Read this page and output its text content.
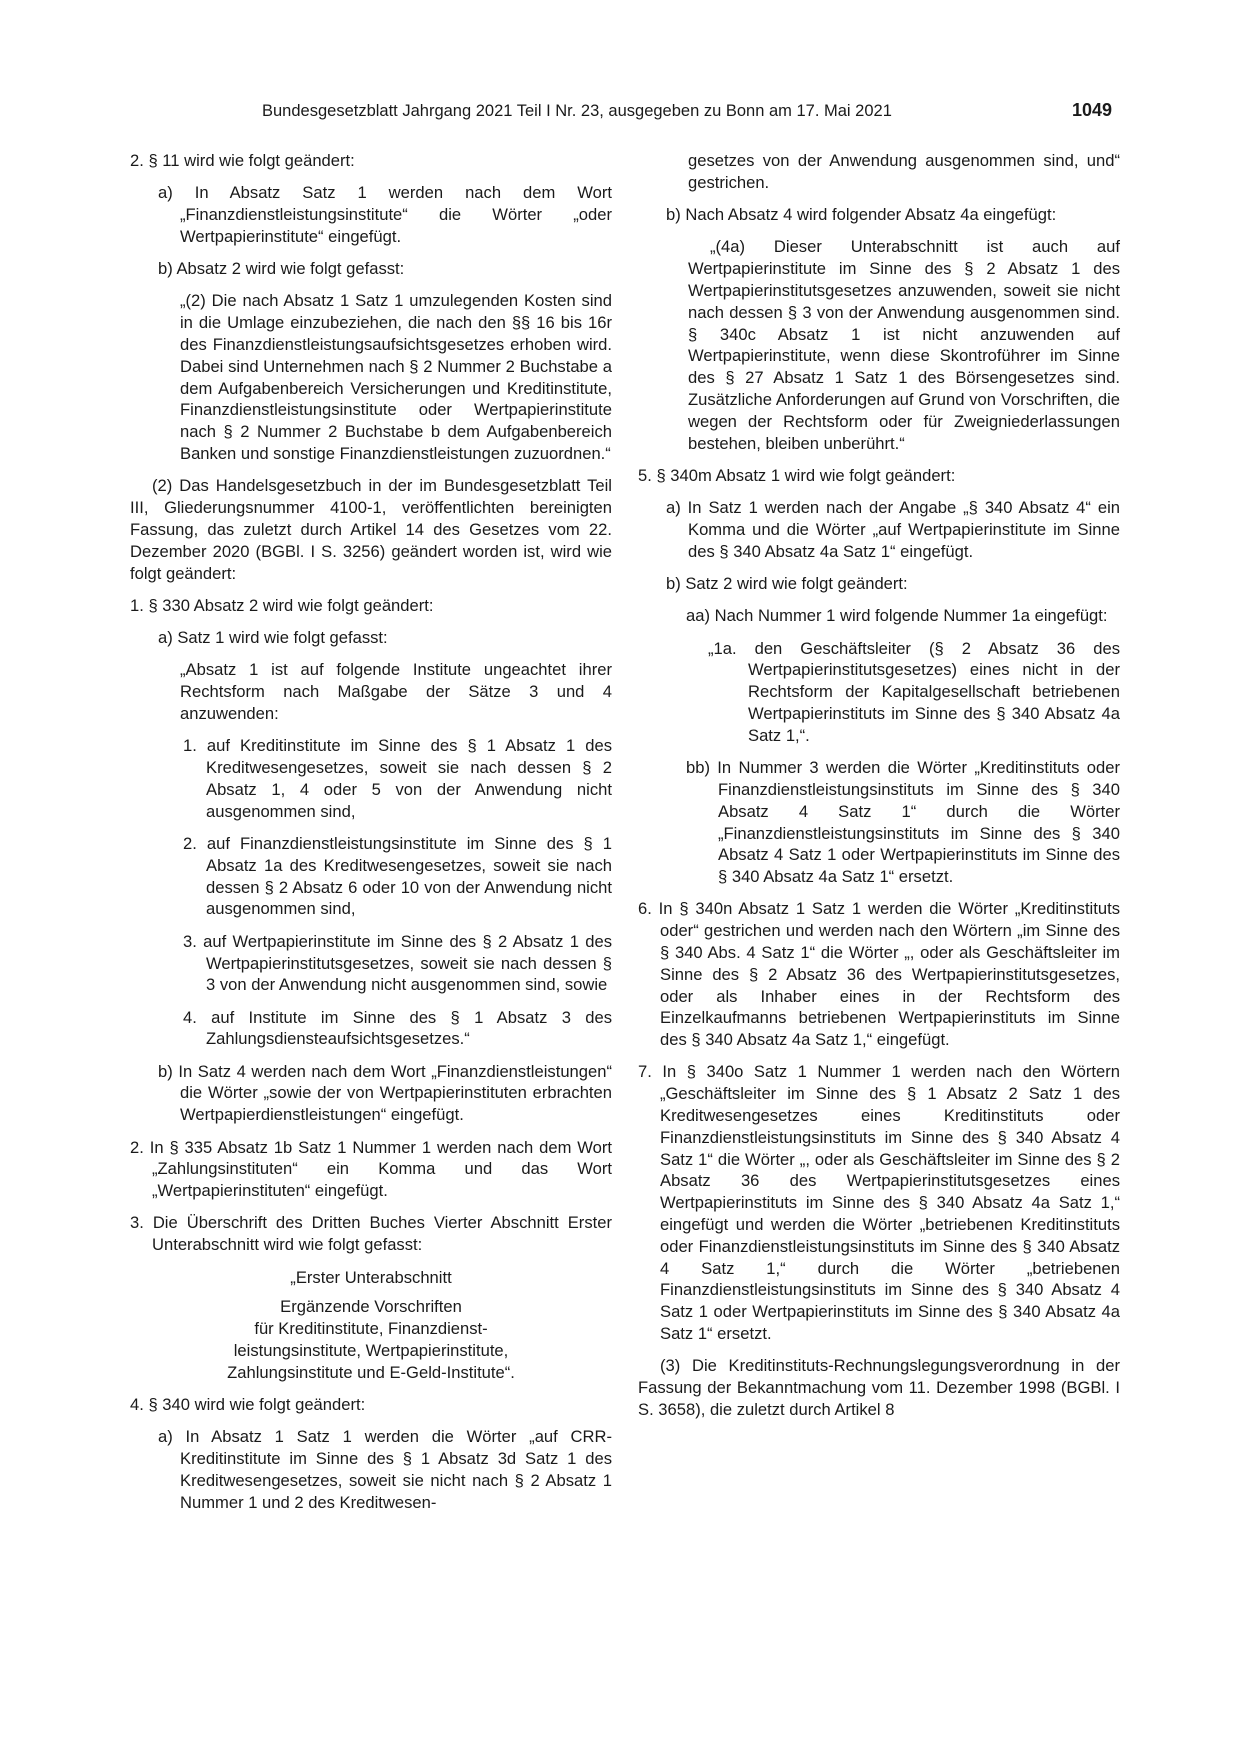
Bundesgesetzblatt Jahrgang 2021 Teil I Nr. 23, ausgegeben zu Bonn am 17. Mai 2021	1049

2. § 11 wird wie folgt geändert:

a) In Absatz Satz 1 werden nach dem Wort „Finanzdienstleistungsinstitute“ die Wörter „oder Wertpapierinstitute“ eingefügt.

b) Absatz 2 wird wie folgt gefasst:

„(2) Die nach Absatz 1 Satz 1 umzulegenden Kosten sind in die Umlage einzubeziehen, die nach den §§ 16 bis 16r des Finanzdienstleistungsaufsichtsgesetzes erhoben wird. Dabei sind Unternehmen nach § 2 Nummer 2 Buchstabe a dem Aufgabenbereich Versicherungen und Kreditinstitute, Finanzdienstleistungsinstitute oder Wertpapierinstitute nach § 2 Nummer 2 Buchstabe b dem Aufgabenbereich Banken und sonstige Finanzdienstleistungen zuzuordnen.“

(2) Das Handelsgesetzbuch in der im Bundesgesetzblatt Teil III, Gliederungsnummer 4100-1, veröffentlichten bereinigten Fassung, das zuletzt durch Artikel 14 des Gesetzes vom 22. Dezember 2020 (BGBl. I S. 3256) geändert worden ist, wird wie folgt geändert:

1. § 330 Absatz 2 wird wie folgt geändert:

a) Satz 1 wird wie folgt gefasst:

„Absatz 1 ist auf folgende Institute ungeachtet ihrer Rechtsform nach Maßgabe der Sätze 3 und 4 anzuwenden:

1. auf Kreditinstitute im Sinne des § 1 Absatz 1 des Kreditwesengesetzes, soweit sie nach dessen § 2 Absatz 1, 4 oder 5 von der Anwendung nicht ausgenommen sind,

2. auf Finanzdienstleistungsinstitute im Sinne des § 1 Absatz 1a des Kreditwesengesetzes, soweit sie nach dessen § 2 Absatz 6 oder 10 von der Anwendung nicht ausgenommen sind,

3. auf Wertpapierinstitute im Sinne des § 2 Absatz 1 des Wertpapierinstitutsgesetzes, soweit sie nach dessen § 3 von der Anwendung nicht ausgenommen sind, sowie

4. auf Institute im Sinne des § 1 Absatz 3 des Zahlungsdiensteaufsichtsgesetzes.“

b) In Satz 4 werden nach dem Wort „Finanzdienstleistungen“ die Wörter „sowie der von Wertpapierinstituten erbrachten Wertpapierdienstleistungen“ eingefügt.

2. In § 335 Absatz 1b Satz 1 Nummer 1 werden nach dem Wort „Zahlungsinstituten“ ein Komma und das Wort „Wertpapierinstituten“ eingefügt.

3. Die Überschrift des Dritten Buches Vierter Abschnitt Erster Unterabschnitt wird wie folgt gefasst:

„Erster Unterabschnitt

Ergänzende Vorschriften
für Kreditinstitute, Finanzdienst-
leistungsinstitute, Wertpapierinstitute,
Zahlungsinstitute und E-Geld-Institute“.

4. § 340 wird wie folgt geändert:

a) In Absatz 1 Satz 1 werden die Wörter „auf CRR-Kreditinstitute im Sinne des § 1 Absatz 3d Satz 1 des Kreditwesengesetzes, soweit sie nicht nach § 2 Absatz 1 Nummer 1 und 2 des Kreditwesen-

gesetzes von der Anwendung ausgenommen sind, und“ gestrichen.

b) Nach Absatz 4 wird folgender Absatz 4a eingefügt:

„(4a) Dieser Unterabschnitt ist auch auf Wertpapierinstitute im Sinne des § 2 Absatz 1 des Wertpapierinstitutsgesetzes anzuwenden, soweit sie nicht nach dessen § 3 von der Anwendung ausgenommen sind. § 340c Absatz 1 ist nicht anzuwenden auf Wertpapierinstitute, wenn diese Skontroführer im Sinne des § 27 Absatz 1 Satz 1 des Börsengesetzes sind. Zusätzliche Anforderungen auf Grund von Vorschriften, die wegen der Rechtsform oder für Zweigniederlassungen bestehen, bleiben unberührt.“

5. § 340m Absatz 1 wird wie folgt geändert:

a) In Satz 1 werden nach der Angabe „§ 340 Absatz 4“ ein Komma und die Wörter „auf Wertpapierinstitute im Sinne des § 340 Absatz 4a Satz 1“ eingefügt.

b) Satz 2 wird wie folgt geändert:

aa) Nach Nummer 1 wird folgende Nummer 1a eingefügt:

„1a. den Geschäftsleiter (§ 2 Absatz 36 des Wertpapierinstitutsgesetzes) eines nicht in der Rechtsform der Kapitalgesellschaft betriebenen Wertpapierinstituts im Sinne des § 340 Absatz 4a Satz 1,“.

bb) In Nummer 3 werden die Wörter „Kreditinstituts oder Finanzdienstleistungsinstituts im Sinne des § 340 Absatz 4 Satz 1“ durch die Wörter „Finanzdienstleistungsinstituts im Sinne des § 340 Absatz 4 Satz 1 oder Wertpapierinstituts im Sinne des § 340 Absatz 4a Satz 1“ ersetzt.

6. In § 340n Absatz 1 Satz 1 werden die Wörter „Kreditinstituts oder“ gestrichen und werden nach den Wörtern „im Sinne des § 340 Abs. 4 Satz 1“ die Wörter „, oder als Geschäftsleiter im Sinne des § 2 Absatz 36 des Wertpapierinstitutsgesetzes, oder als Inhaber eines in der Rechtsform des Einzelkaufmanns betriebenen Wertpapierinstituts im Sinne des § 340 Absatz 4a Satz 1,“ eingefügt.

7. In § 340o Satz 1 Nummer 1 werden nach den Wörtern „Geschäftsleiter im Sinne des § 1 Absatz 2 Satz 1 des Kreditwesengesetzes eines Kreditinstituts oder Finanzdienstleistungsinstituts im Sinne des § 340 Absatz 4 Satz 1“ die Wörter „, oder als Geschäftsleiter im Sinne des § 2 Absatz 36 des Wertpapierinstitutsgesetzes eines Wertpapierinstituts im Sinne des § 340 Absatz 4a Satz 1,“ eingefügt und werden die Wörter „betriebenen Kreditinstituts oder Finanzdienstleistungsinstituts im Sinne des § 340 Absatz 4 Satz 1,“ durch die Wörter „betriebenen Finanzdienstleistungsinstituts im Sinne des § 340 Absatz 4 Satz 1 oder Wertpapierinstituts im Sinne des § 340 Absatz 4a Satz 1“ ersetzt.

(3) Die Kreditinstituts-Rechnungslegungsverordnung in der Fassung der Bekanntmachung vom 11. Dezember 1998 (BGBl. I S. 3658), die zuletzt durch Artikel 8
